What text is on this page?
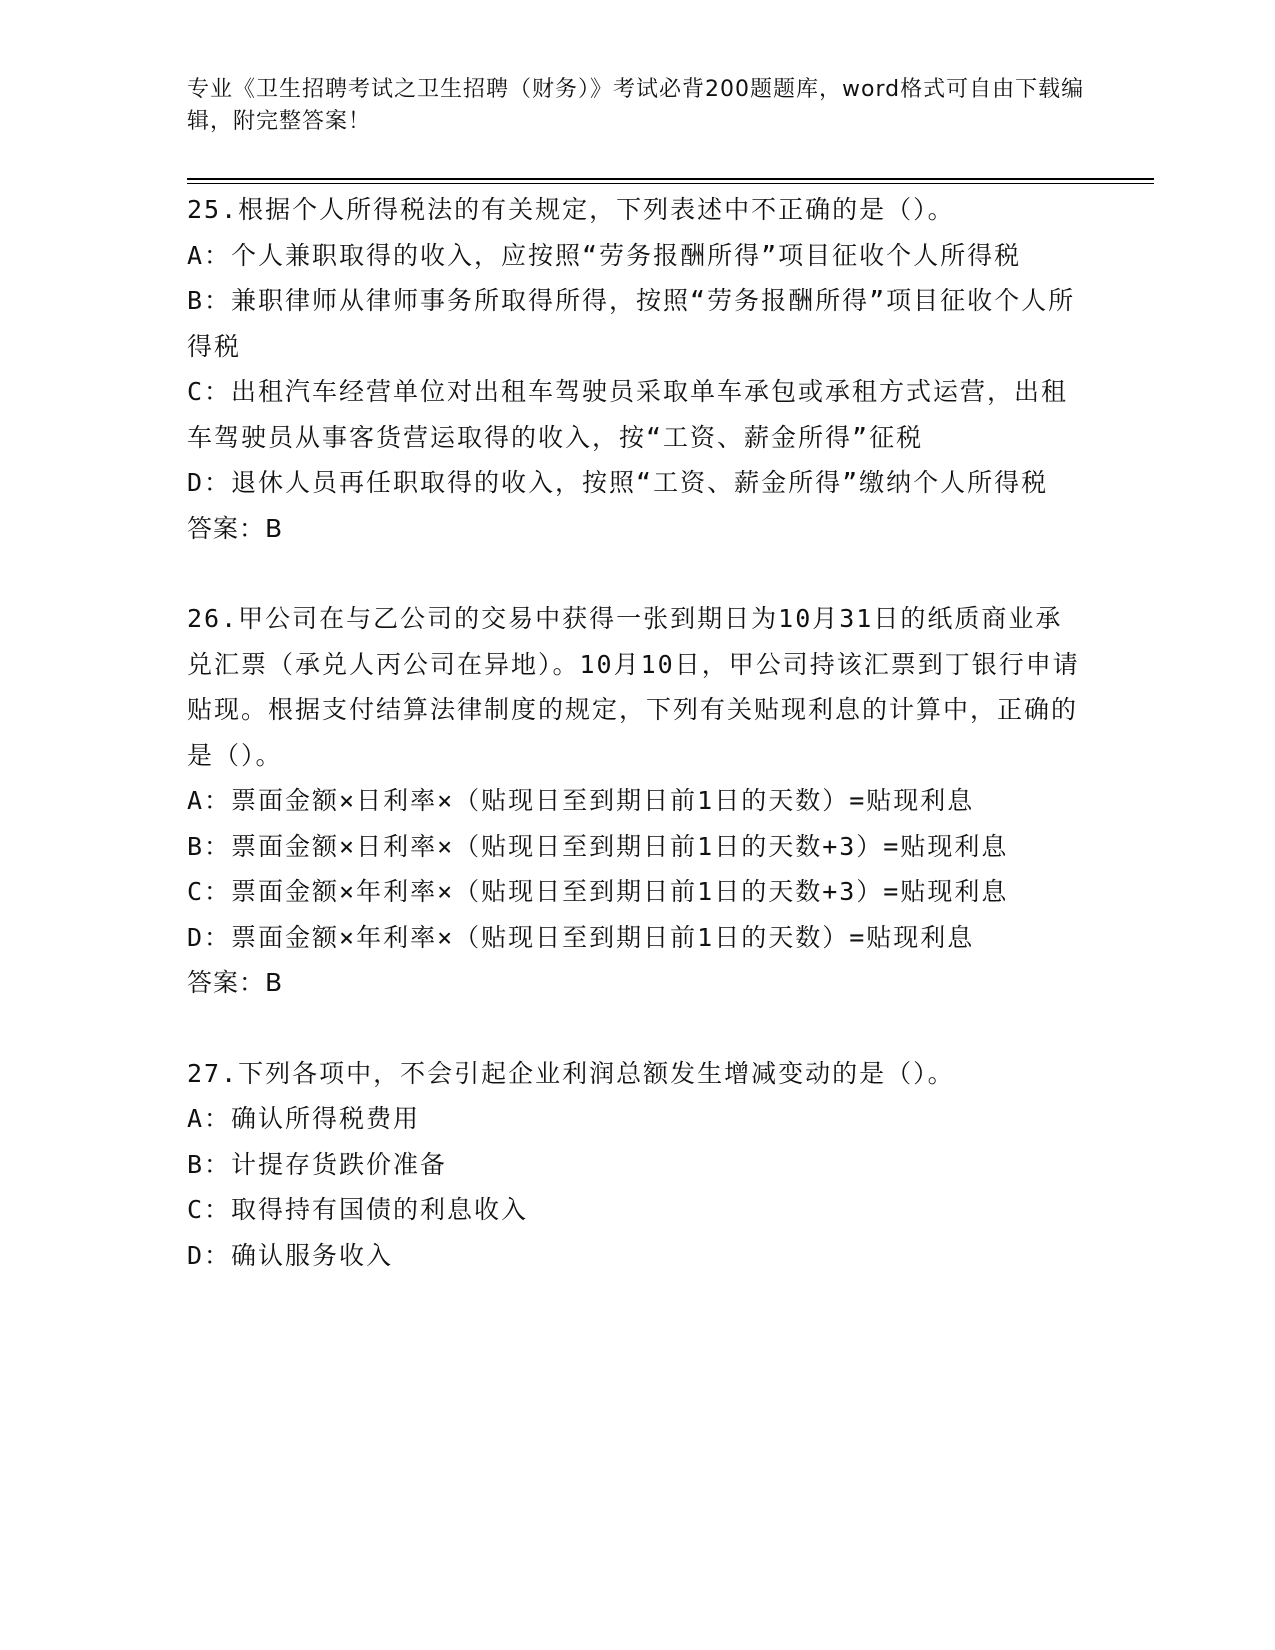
专业《卫生招聘考试之卫生招聘（财务）》考试必背200题题库，word格式可自由下载编辑，附完整答案！

25.根据个人所得税法的有关规定，下列表述中不正确的是（）。

A：个人兼职取得的收入，应按照“劳务报酬所得”项目征收个人所得税

B：兼职律师从律师事务所取得所得，按照“劳务报酬所得”项目征收个人所得税

C：出租汽车经营单位对出租车驾驶员采取单车承包或承租方式运营，出租车驾驶员从事客货营运取得的收入，按“工资、薪金所得”征税

D：退休人员再任职取得的收入，按照“工资、薪金所得”缴纳个人所得税

答案：B

26.甲公司在与乙公司的交易中获得一张到期日为10月31日的纸质商业承兑汇票（承兑人丙公司在异地）。10月10日，甲公司持该汇票到丁银行申请贴现。根据支付结算法律制度的规定，下列有关贴现利息的计算中，正确的是（）。

A：票面金额×日利率×（贴现日至到期日前1日的天数）=贴现利息

B：票面金额×日利率×（贴现日至到期日前1日的天数+3）=贴现利息

C：票面金额×年利率×（贴现日至到期日前1日的天数+3）=贴现利息

D：票面金额×年利率×（贴现日至到期日前1日的天数）=贴现利息

答案：B

27.下列各项中，不会引起企业利润总额发生增减变动的是（）。

A：确认所得税费用

B：计提存货跌价准备

C：取得持有国债的利息收入

D：确认服务收入
